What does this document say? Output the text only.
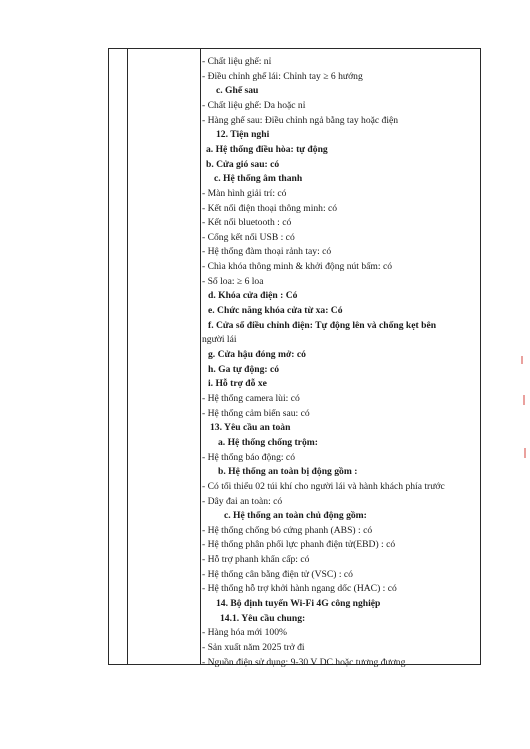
- Chất liệu ghế: nỉ
- Điều chỉnh ghế lái: Chỉnh tay ≥ 6 hướng
c. Ghế sau
- Chất liệu ghế: Da hoặc nỉ
- Hàng ghế sau: Điều chỉnh ngả bằng tay hoặc điện
12. Tiện nghi
a. Hệ thống điều hòa: tự động
b. Cửa gió sau: có
c. Hệ thống âm thanh
- Màn hình giải trí: có
- Kết nối điện thoại thông minh: có
- Kết nối bluetooth : có
- Cổng kết nối USB : có
- Hệ thống đàm thoại rảnh tay: có
- Chìa khóa thông minh & khởi động nút bấm: có
- Số loa: ≥ 6 loa
d. Khóa cửa điện : Có
e. Chức năng khóa cửa từ xa: Có
f. Cửa sổ điều chỉnh điện: Tự động lên và chống kẹt bên
người lái
g. Cửa hậu đóng mở: có
h. Ga tự động: có
i. Hỗ trợ đỗ xe
- Hệ thống camera lùi: có
- Hệ thống cảm biến sau: có
13. Yêu cầu an toàn
a. Hệ thống chống trộm:
- Hệ thống báo động: có
b. Hệ thống an toàn bị động gồm :
- Có tối thiểu 02 túi khí cho người lái và hành khách phía trước
- Dây đai an toàn: có
c. Hệ thống an toàn chủ động gồm:
- Hệ thống chống bó cứng phanh (ABS) : có
- Hệ thống phân phối lực phanh điện tử(EBD) : có
- Hỗ trợ phanh khẩn cấp: có
- Hệ thống cân bằng điện tử (VSC) : có
- Hệ thống hỗ trợ khởi hành ngang dốc (HAC) : có
14. Bộ định tuyến Wi-Fi 4G công nghiệp
14.1. Yêu cầu chung:
- Hàng hóa mới 100%
- Sản xuất năm 2025 trở đi
- Nguồn điện sử dụng: 9-30 V DC hoặc tương đương
